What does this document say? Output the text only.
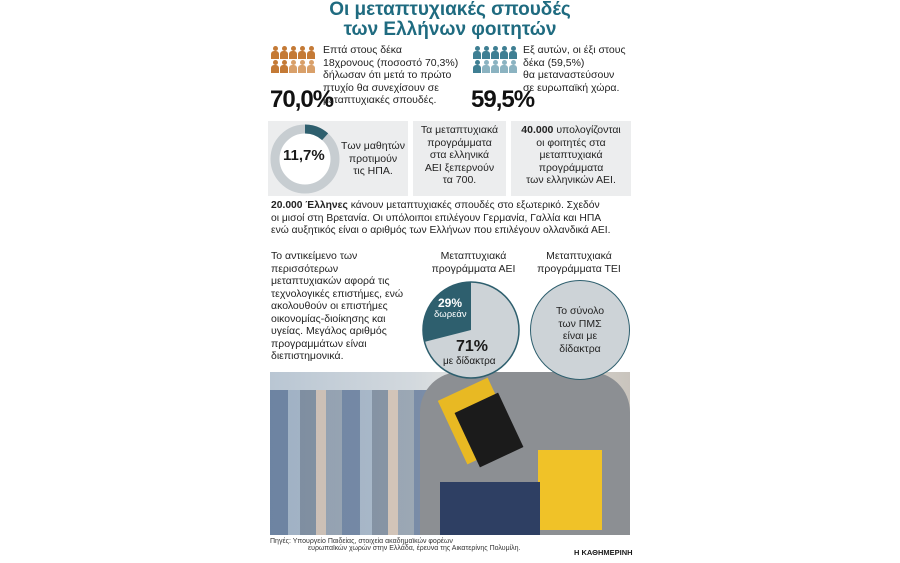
Οι μεταπτυχιακές σπουδές
των Ελλήνων φοιτητών
70,0%
Επτά στους δέκα
18χρονους (ποσοστό 70,3%)
δήλωσαν ότι μετά το πρώτο
πτυχίο θα συνεχίσουν σε
μεταπτυχιακές σπουδές.	59,5%
Εξ αυτών, οι έξι στους
δέκα (59,5%)
θα μεταναστεύσουν
σε ευρωπαϊκή χώρα.
11,7%
Των μαθητών
προτιμούν
τις ΗΠΑ.
Τα μεταπτυχιακά
προγράμματα
στα ελληνικά
ΑΕΙ ξεπερνούν
τα 700.
40.000 υπολογίζονται
οι φοιτητές στα
μεταπτυχιακά
προγράμματα
των ελληνικών ΑΕΙ.
20.000 Έλληνες κάνουν μεταπτυχιακές σπουδές στο εξωτερικό. Σχεδόν
οι μισοί στη Βρετανία. Οι υπόλοιποι επιλέγουν Γερμανία, Γαλλία και ΗΠΑ
ενώ αυξητικός είναι ο αριθμός των Ελλήνων που επιλέγουν ολλανδικά ΑΕΙ.
Το αντικείμενο των
περισσότερων
μεταπτυχιακών αφορά τις
τεχνολογικές επιστήμες, ενώ
ακολουθούν οι επιστήμες
οικονομίας-διοίκησης και
υγείας. Μεγάλος αριθμός
προγραμμάτων είναι
διεπιστημονικά.
Μεταπτυχιακά
προγράμματα ΑΕΙ
29%
δωρεάν
71%
με δίδακτρα
Μεταπτυχιακά
προγράμματα ΤΕΙ
Το σύνολο
των ΠΜΣ
είναι με
δίδακτρα
Πηγές: Υπουργείο Παιδείας, στοιχεία ακαδημαϊκών φορέων
ευρωπαϊκών χωρών στην Ελλάδα, έρευνα της Αικατερίνης Πολυμίλη.	Η ΚΑΘΗΜΕΡΙΝΗ
